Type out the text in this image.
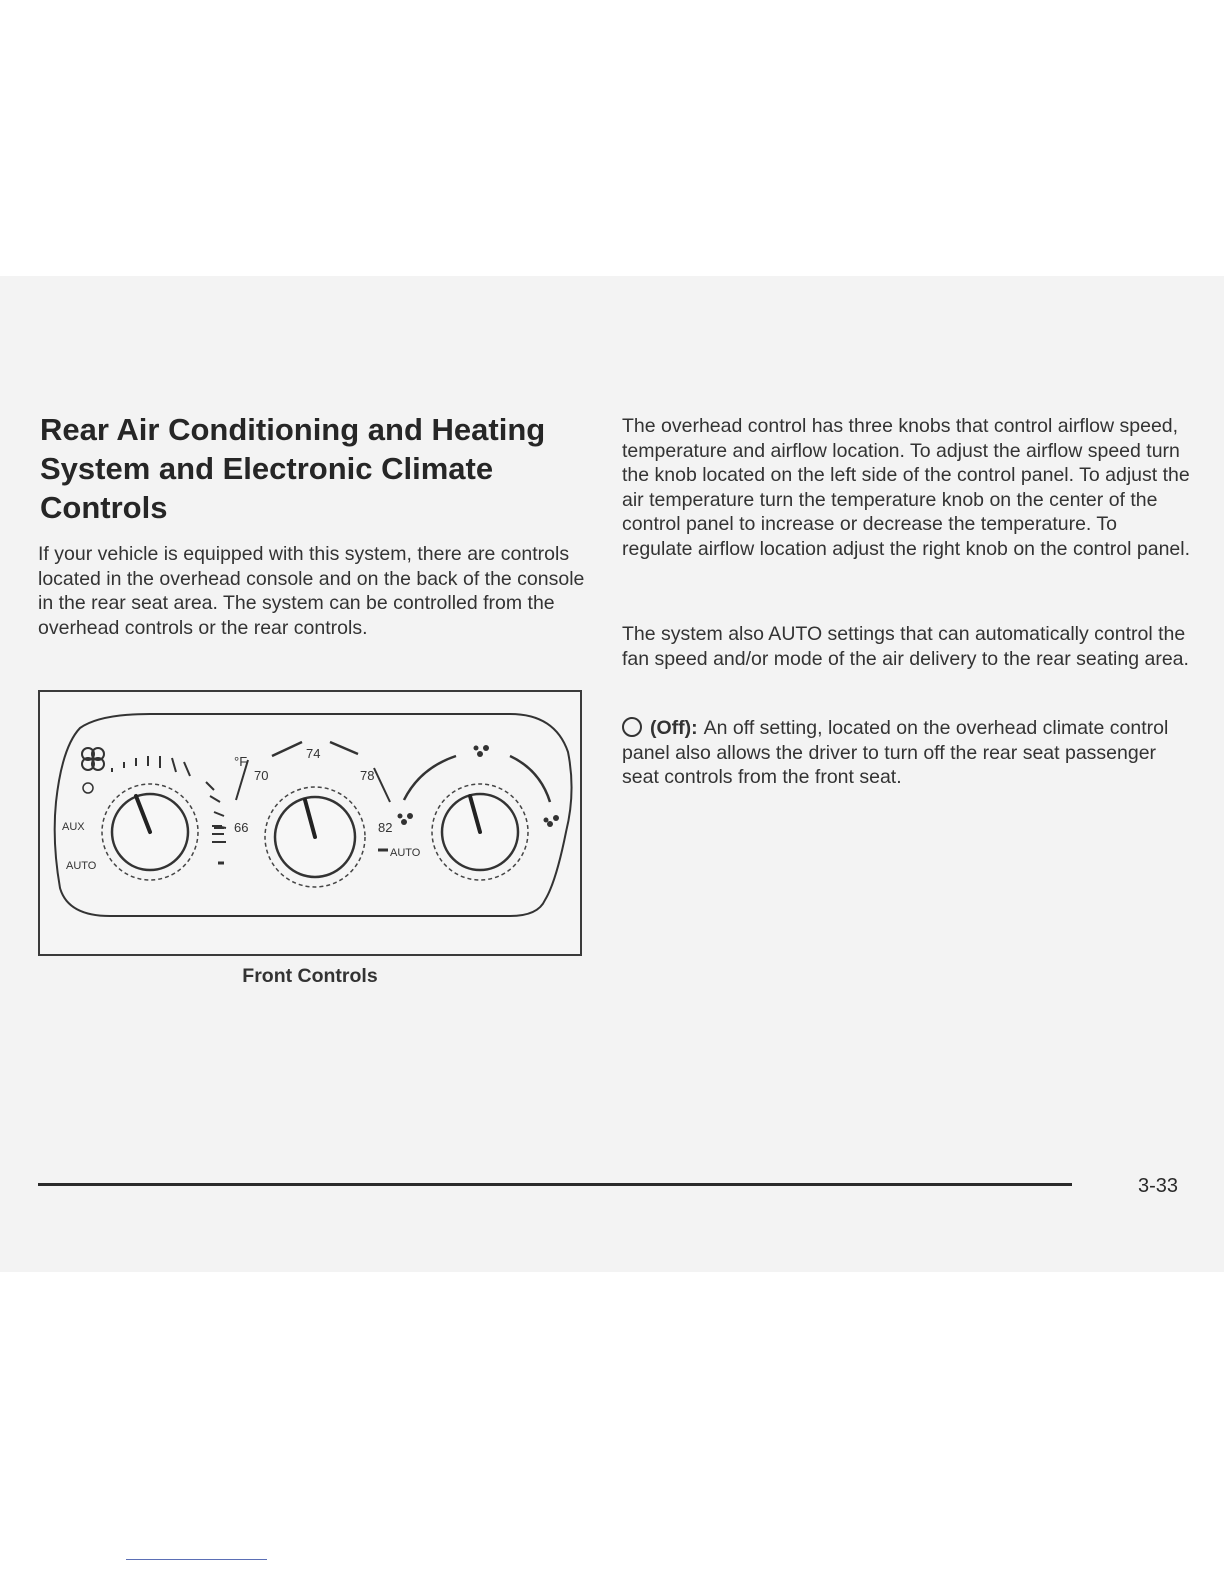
Rear Air Conditioning and Heating System and Electronic Climate Controls

If your vehicle is equipped with this system, there are controls located in the overhead console and on the back of the console in the rear seat area. The system can be controlled from the overhead controls or the rear controls.

AUX
AUTO
°F
70
74
78
66	82
AUTO
Front Controls

The overhead control has three knobs that control airflow speed, temperature and airflow location. To adjust the airflow speed turn the knob located on the left side of the control panel. To adjust the air temperature turn the temperature knob on the center of the control panel to increase or decrease the temperature. To regulate airflow location adjust the right knob on the control panel.

The system also AUTO settings that can automatically control the fan speed and/or mode of the air delivery to the rear seating area.

(Off): An off setting, located on the overhead climate control panel also allows the driver to turn off the rear seat passenger seat controls from the front seat.

3-33
